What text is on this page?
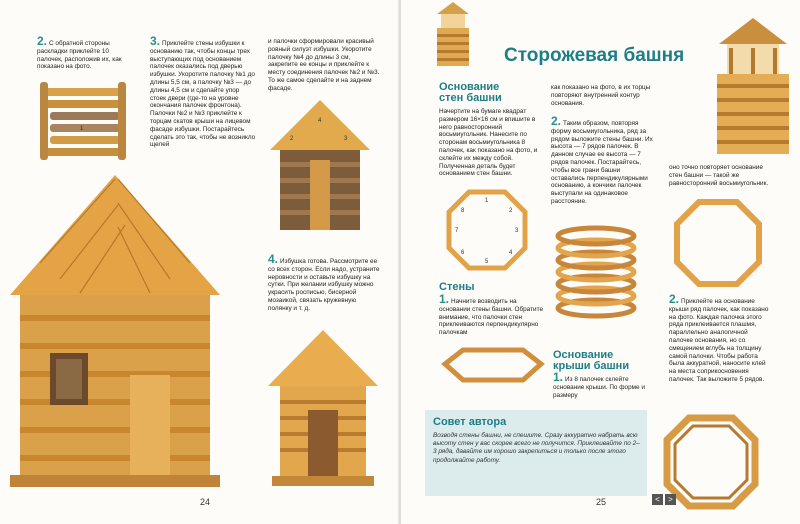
2. С обратной стороны раскладки приклейте 10 палочек, расположив их, как показано на фото.
3. Приклейте стены избушки к основанию так, чтобы концы трех выступающих под основанием палочек оказались под дверью избушки. Укоротите палочку №1 до длины 5,5 см, а палочку №3 — до длины 4,5 см и сделайте упор стоек двери (где-то на уровне окончания палочек фронтона). Палочки №2 и №3 приклейте к торцам скатов крыши на лицевом фасаде избушки. Постарайтесь сделать это так, чтобы не возникло щелей
и палочки сформировали красивый ровный силуэт избушки. Укоротите палочку №4 до длины 3 см, закрепите ее концы и приклейте к месту соединения палочек №2 и №3. То же самое сделайте и на заднем фасаде.
4. Избушка готова. Рассмотрите ее со всех сторон. Если надо, устраните неровности и оставьте избушку на сутки. При желании избушку можно украсить росписью, бисерной мозаикой, связать кружевную полянку и т. д.
1
2	3
4
24
Сторожевая башня
Основание стен башни
Начертите на бумаге квадрат размером 16×16 см и впишите в него равносторонний восьмиугольник. Нанесите по сторонам восьмиугольника 8 палочек, как показано на фото, и склейте их между собой. Полученная деталь будет основанием стен башни.
как показано на фото, в их торцы повторяют внутренний контур основания.
2. Таким образом, повторяя форму восьмиугольника, ряд за рядом выложите стены башни. Их высота — 7 рядов палочек. В данном случае ее высота — 7 рядов палочек. Постарайтесь, чтобы все грани башни оставались перпендикулярными основанию, а кончики палочек выступали на одинаковое расстояние.
оно точно повторяет основание стен башни — такой же равносторонний восьмиугольник.
1
2
3
4
5
6
7
8
Стены
1. Начните возводить на основании стены башни. Обратите внимание, что палочки стен приклеиваются перпендикулярно палочкам
Основание крыши башни
1. Из 8 палочек склейте основание крыши. По форме и размеру
2. Приклейте на основание крыши ряд палочек, как показано на фото. Каждая палочка этого ряда приклеивается плашмя, параллельно аналогичной палочке основания, но со смещением вглубь на толщину самой палочки. Чтобы работа была аккуратной, наносите клей на места соприкосновения палочек. Так выложите 5 рядов.
25
Совет автора
Возводя стены башни, не спешите. Сразу аккуратно набрать всю высоту стен у вас скорее всего не получится. Приклеивайте по 2–3 ряда, давайте им хорошо закрепиться и только после этого продолжайте работу.
<	>
